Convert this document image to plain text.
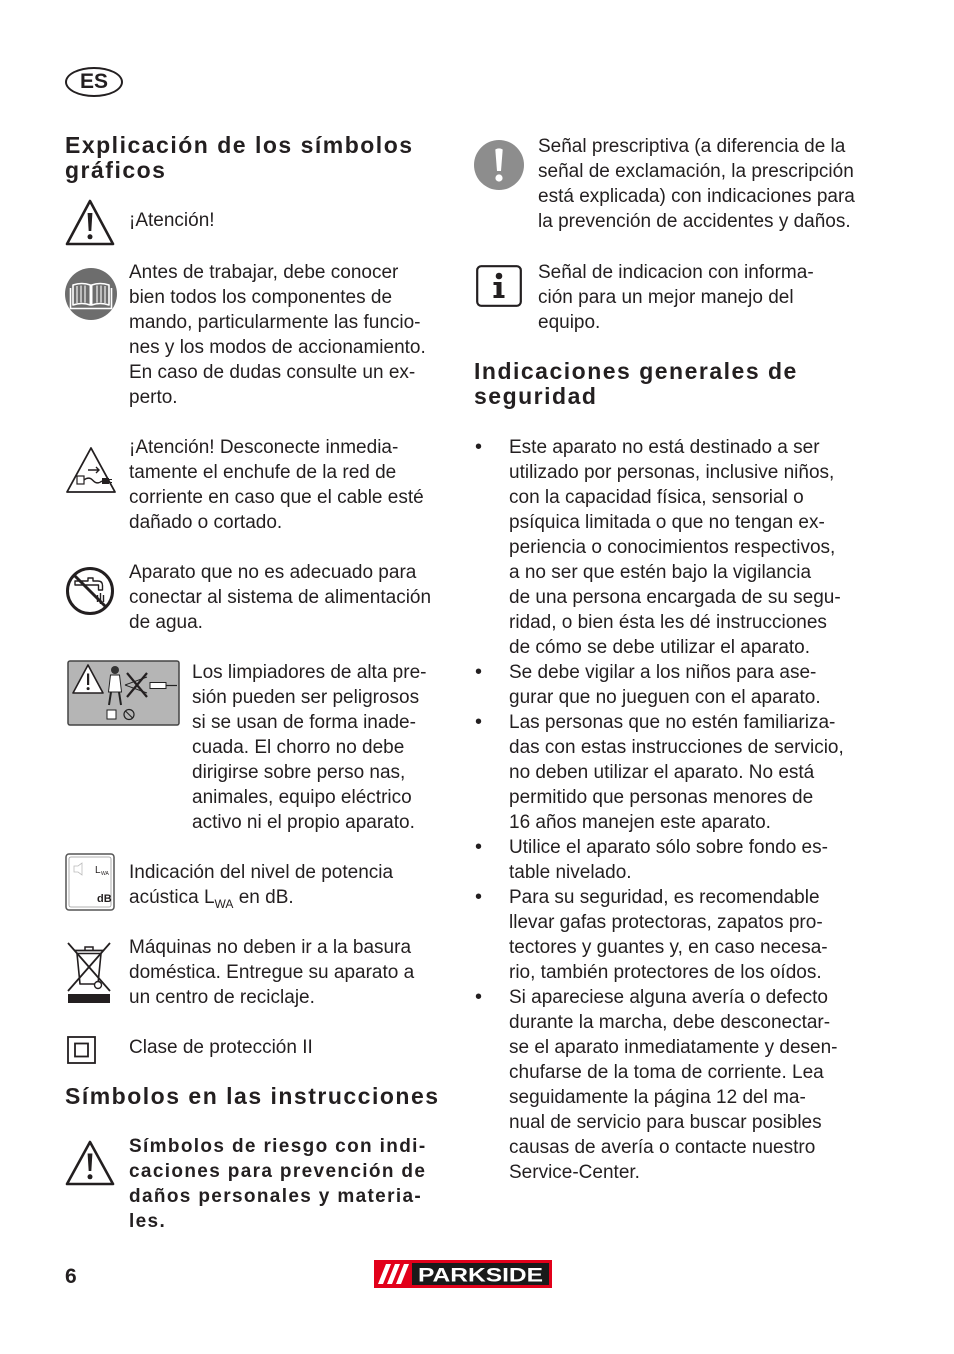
ES
Explicación de los símbolos
gráficos
¡Atención!
Antes de trabajar, debe conocer
bien todos los componentes de
mando, particularmente las funcio-
nes y los modos de accionamiento.
En caso de dudas consulte un ex-
perto.
¡Atención! Desconecte inmedia-
tamente el enchufe de la red de
corriente en caso que el cable esté
dañado o cortado.
Aparato que no es adecuado para
conectar al sistema de alimentación
de agua.
Los limpiadores de alta pre-
sión pueden ser peligrosos
si se usan de forma inade-
cuada. El chorro no debe
dirigirse sobre perso nas,
animales, equipo eléctrico
activo ni el propio aparato.
L WA
dB
Indicación del nivel de potencia
acústica $L_{WA}$ en dB.
Máquinas no deben ir a la basura
doméstica. Entregue su aparato a
un centro de reciclaje.
Clase de protección II
Símbolos en las instrucciones
Símbolos de riesgo con indi-
caciones para prevención de
daños personales y materia-
les.
Señal prescriptiva (a diferencia de la
señal de exclamación, la prescripción
está explicada) con indicaciones para
la prevención de accidentes y daños.
Señal de indicacion con informa-
ción para un mejor manejo del
equipo.
Indicaciones generales de
seguridad
• Este aparato no está destinado a ser
utilizado por personas, inclusive niños,
con la capacidad física, sensorial o
psíquica limitada o que no tengan ex-
periencia o conocimientos respectivos,
a no ser que estén bajo la vigilancia
de una persona encargada de su segu-
ridad, o bien ésta les dé instrucciones
de cómo se debe utilizar el aparato.
• Se debe vigilar a los niños para ase-
gurar que no jueguen con el aparato.
• Las personas que no estén familiariza-
das con estas instrucciones de servicio,
no deben utilizar el aparato. No está
permitido que personas menores de
16 años manejen este aparato.
• Utilice el aparato sólo sobre fondo es-
table nivelado.
• Para su seguridad, es recomendable
llevar gafas protectoras, zapatos pro-
tectores y guantes y, en caso necesa-
rio, también protectores de los oídos.
• Si apareciese alguna avería o defecto
durante la marcha, debe desconectar-
se el aparato inmediatamente y desen-
chufarse de la toma de corriente. Lea
seguidamente la página 12 del ma-
nual de servicio para buscar posibles
causas de avería o contacte nuestro
Service-Center.
6	PARKSIDE
